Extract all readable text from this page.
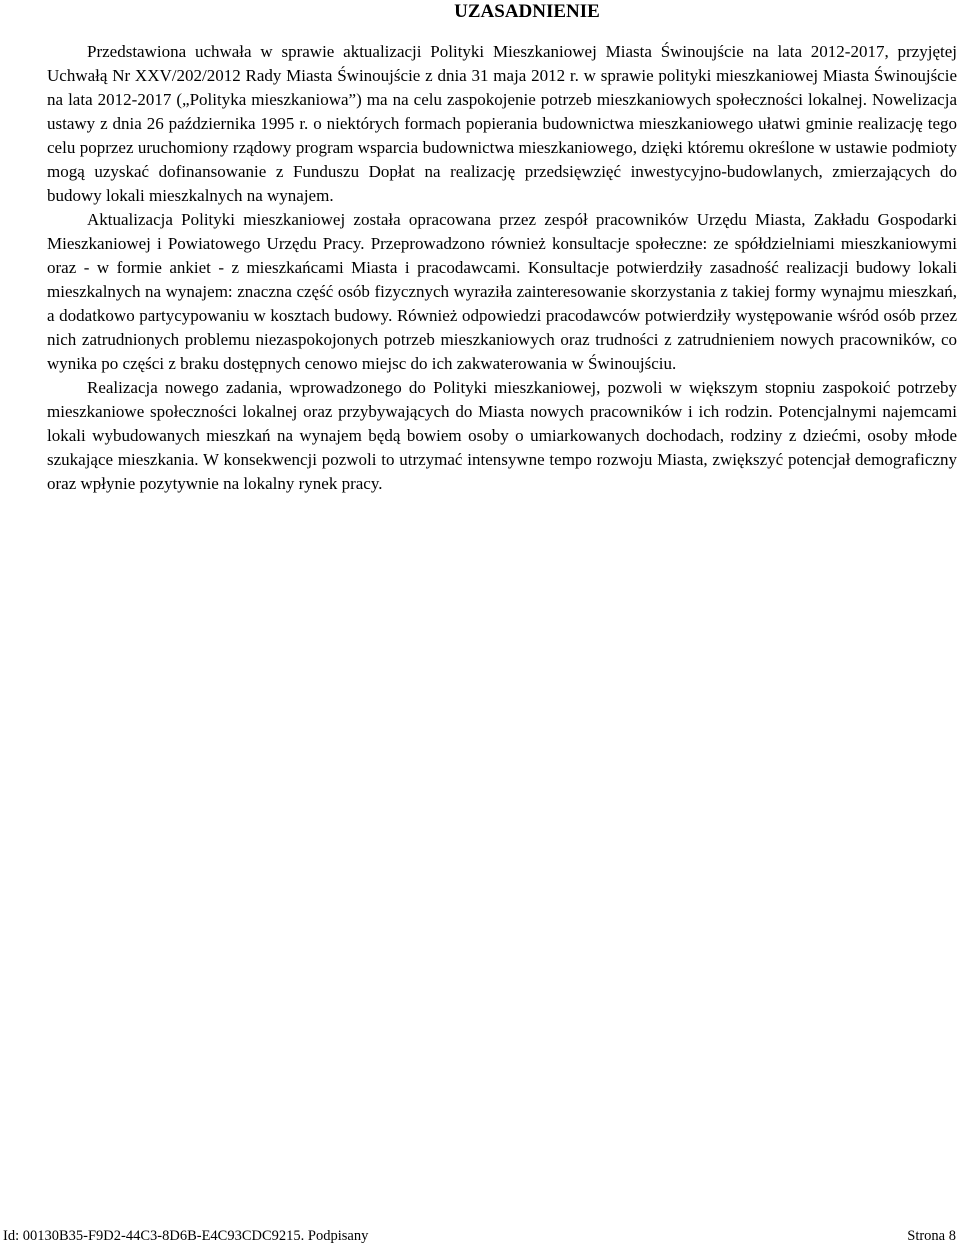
UZASADNIENIE

Przedstawiona uchwała w sprawie aktualizacji Polityki Mieszkaniowej Miasta Świnoujście na lata 2012-2017, przyjętej Uchwałą Nr XXV/202/2012 Rady Miasta Świnoujście z dnia 31 maja 2012 r. w sprawie polityki mieszkaniowej Miasta Świnoujście na lata 2012-2017 („Polityka mieszkaniowa”) ma na celu zaspokojenie potrzeb mieszkaniowych społeczności lokalnej. Nowelizacja ustawy z dnia 26 października 1995 r. o niektórych formach popierania budownictwa mieszkaniowego ułatwi gminie realizację tego celu poprzez uruchomiony rządowy program wsparcia budownictwa mieszkaniowego, dzięki któremu określone w ustawie podmioty mogą uzyskać dofinansowanie z Funduszu Dopłat na realizację przedsięwzięć inwestycyjno-budowlanych, zmierzających do budowy lokali mieszkalnych na wynajem.

Aktualizacja Polityki mieszkaniowej została opracowana przez zespół pracowników Urzędu Miasta, Zakładu Gospodarki Mieszkaniowej i Powiatowego Urzędu Pracy. Przeprowadzono również konsultacje społeczne: ze spółdzielniami mieszkaniowymi oraz - w formie ankiet - z mieszkańcami Miasta i pracodawcami. Konsultacje potwierdziły zasadność realizacji budowy lokali mieszkalnych na wynajem: znaczna część osób fizycznych wyraziła zainteresowanie skorzystania z takiej formy wynajmu mieszkań, a dodatkowo partycypowaniu w kosztach budowy. Również odpowiedzi pracodawców potwierdziły występowanie wśród osób przez nich zatrudnionych problemu niezaspokojonych potrzeb mieszkaniowych oraz trudności z zatrudnieniem nowych pracowników, co wynika po części z braku dostępnych cenowo miejsc do ich zakwaterowania w Świnoujściu.

Realizacja nowego zadania, wprowadzonego do Polityki mieszkaniowej, pozwoli w większym stopniu zaspokoić potrzeby mieszkaniowe społeczności lokalnej oraz przybywających do Miasta nowych pracowników i ich rodzin. Potencjalnymi najemcami lokali wybudowanych mieszkań na wynajem będą bowiem osoby o umiarkowanych dochodach, rodziny z dziećmi, osoby młode szukające mieszkania. W konsekwencji pozwoli to utrzymać intensywne tempo rozwoju Miasta, zwiększyć potencjał demograficzny oraz wpłynie pozytywnie na lokalny rynek pracy.

Id: 00130B35-F9D2-44C3-8D6B-E4C93CDC9215. Podpisany	Strona 8
